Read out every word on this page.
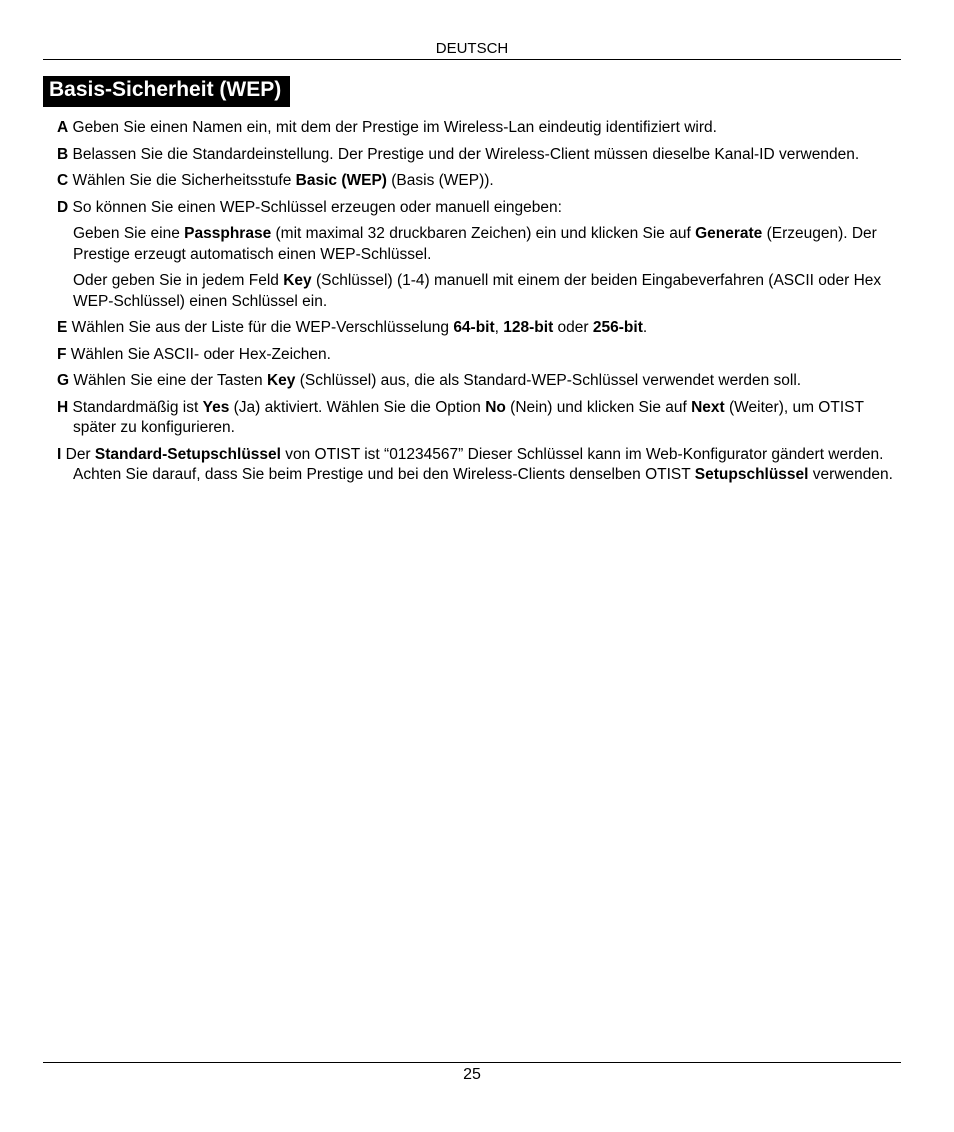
DEUTSCH
Basis-Sicherheit (WEP)

A Geben Sie einen Namen ein, mit dem der Prestige im Wireless-Lan eindeutig identifiziert wird.

B Belassen Sie die Standardeinstellung. Der Prestige und der Wireless-Client müssen dieselbe Kanal-ID verwenden.

C Wählen Sie die Sicherheitsstufe Basic (WEP) (Basis (WEP)).

D So können Sie einen WEP-Schlüssel erzeugen oder manuell eingeben:

Geben Sie eine Passphrase (mit maximal 32 druckbaren Zeichen) ein und klicken Sie auf Generate (Erzeugen). Der Prestige erzeugt automatisch einen WEP-Schlüssel.

Oder geben Sie in jedem Feld Key (Schlüssel) (1-4) manuell mit einem der beiden Eingabeverfahren (ASCII oder Hex WEP-Schlüssel) einen Schlüssel ein.

E Wählen Sie aus der Liste für die WEP-Verschlüsselung 64-bit, 128-bit oder 256-bit.

F Wählen Sie ASCII- oder Hex-Zeichen.

G Wählen Sie eine der Tasten Key (Schlüssel) aus, die als Standard-WEP-Schlüssel verwendet werden soll.

H Standardmäßig ist Yes (Ja) aktiviert. Wählen Sie die Option No (Nein) und klicken Sie auf Next (Weiter), um OTIST später zu konfigurieren.

I Der Standard-Setupschlüssel von OTIST ist “01234567” Dieser Schlüssel kann im Web-Konfigurator gändert werden. Achten Sie darauf, dass Sie beim Prestige und bei den Wireless-Clients denselben OTIST Setupschlüssel verwenden.

25
